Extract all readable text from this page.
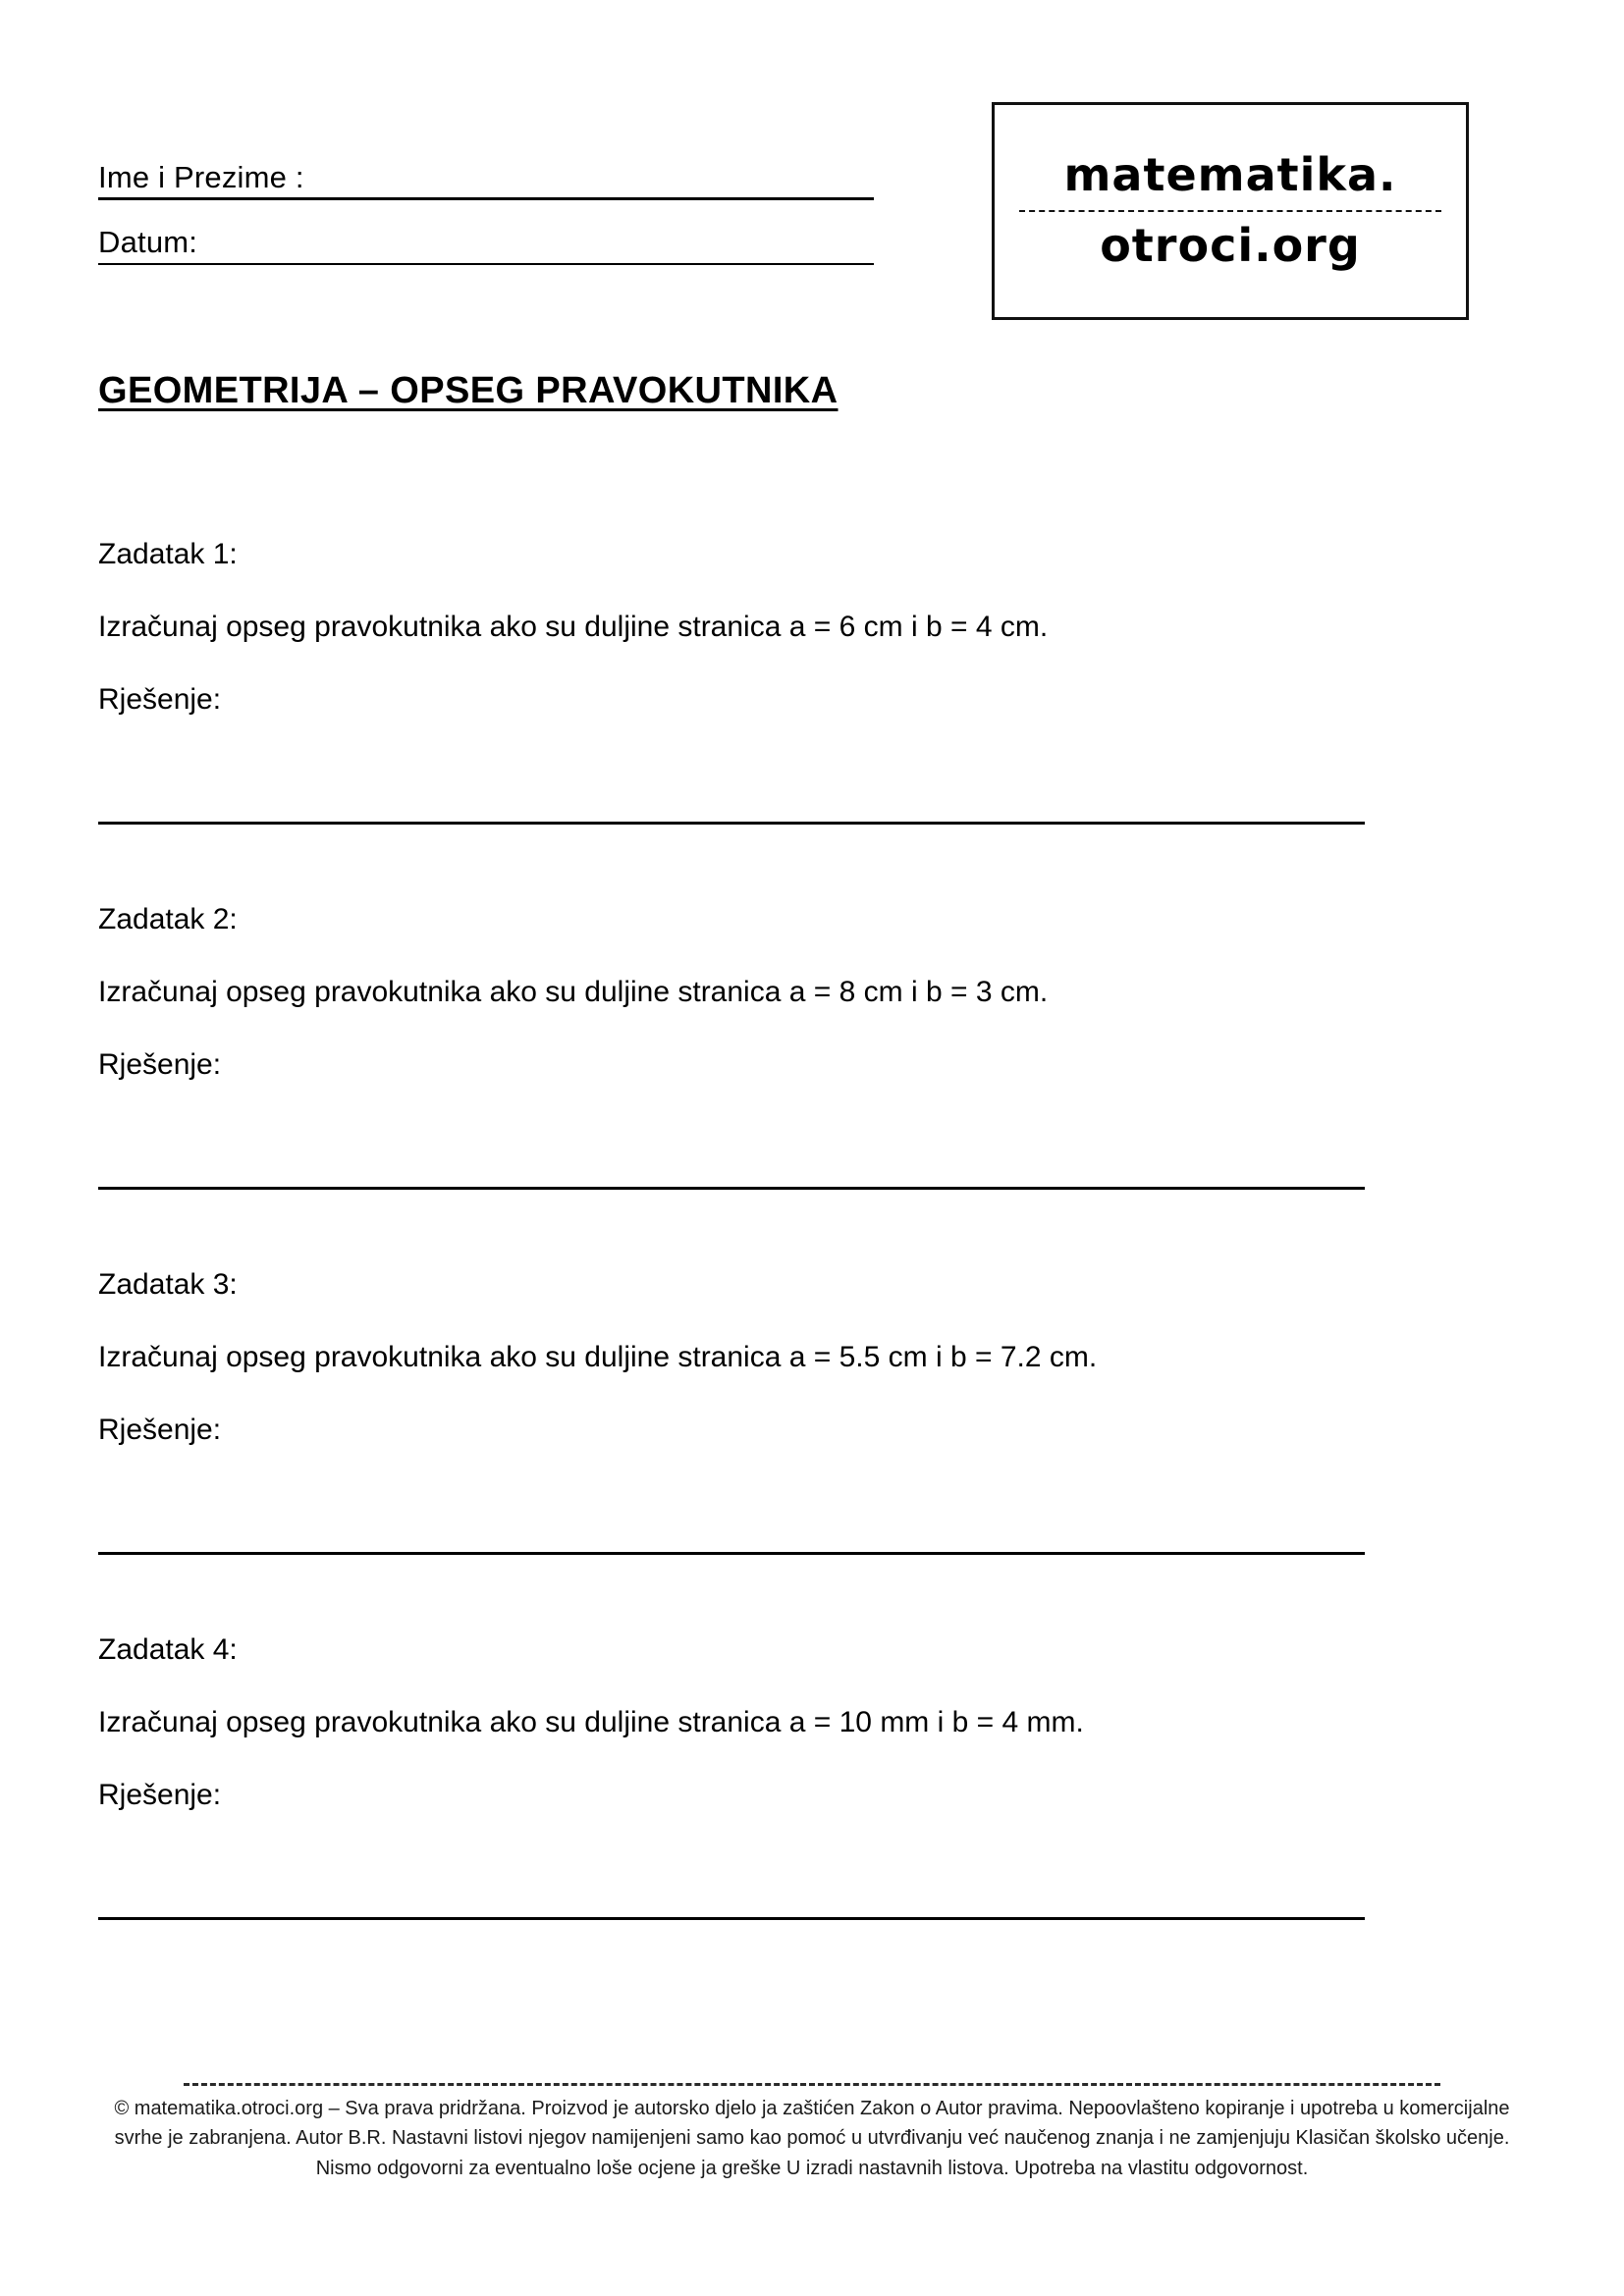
Ime i Prezime :
Datum:
matematika.
otroci.org
GEOMETRIJA – OPSEG PRAVOKUTNIKA

Zadatak 1:

Izračunaj opseg pravokutnika ako su duljine stranica a = 6 cm i b = 4 cm.

Rješenje:

Zadatak 2:

Izračunaj opseg pravokutnika ako su duljine stranica a = 8 cm i b = 3 cm.

Rješenje:

Zadatak 3:

Izračunaj opseg pravokutnika ako su duljine stranica a = 5.5 cm i b = 7.2 cm.

Rješenje:

Zadatak 4:

Izračunaj opseg pravokutnika ako su duljine stranica a = 10 mm i b = 4 mm.

Rješenje:

© matematika.otroci.org – Sva prava pridržana. Proizvod je autorsko djelo ja zaštićen Zakon o Autor pravima. Nepoovlašteno kopiranje i upotreba u komercijalne

svrhe je zabranjena. Autor B.R. Nastavni listovi njegov namijenjeni samo kao pomoć u utvrđivanju već naučenog znanja i ne zamjenjuju Klasičan školsko učenje.

Nismo odgovorni za eventualno loše ocjene ja greške U izradi nastavnih listova. Upotreba na vlastitu odgovornost.
